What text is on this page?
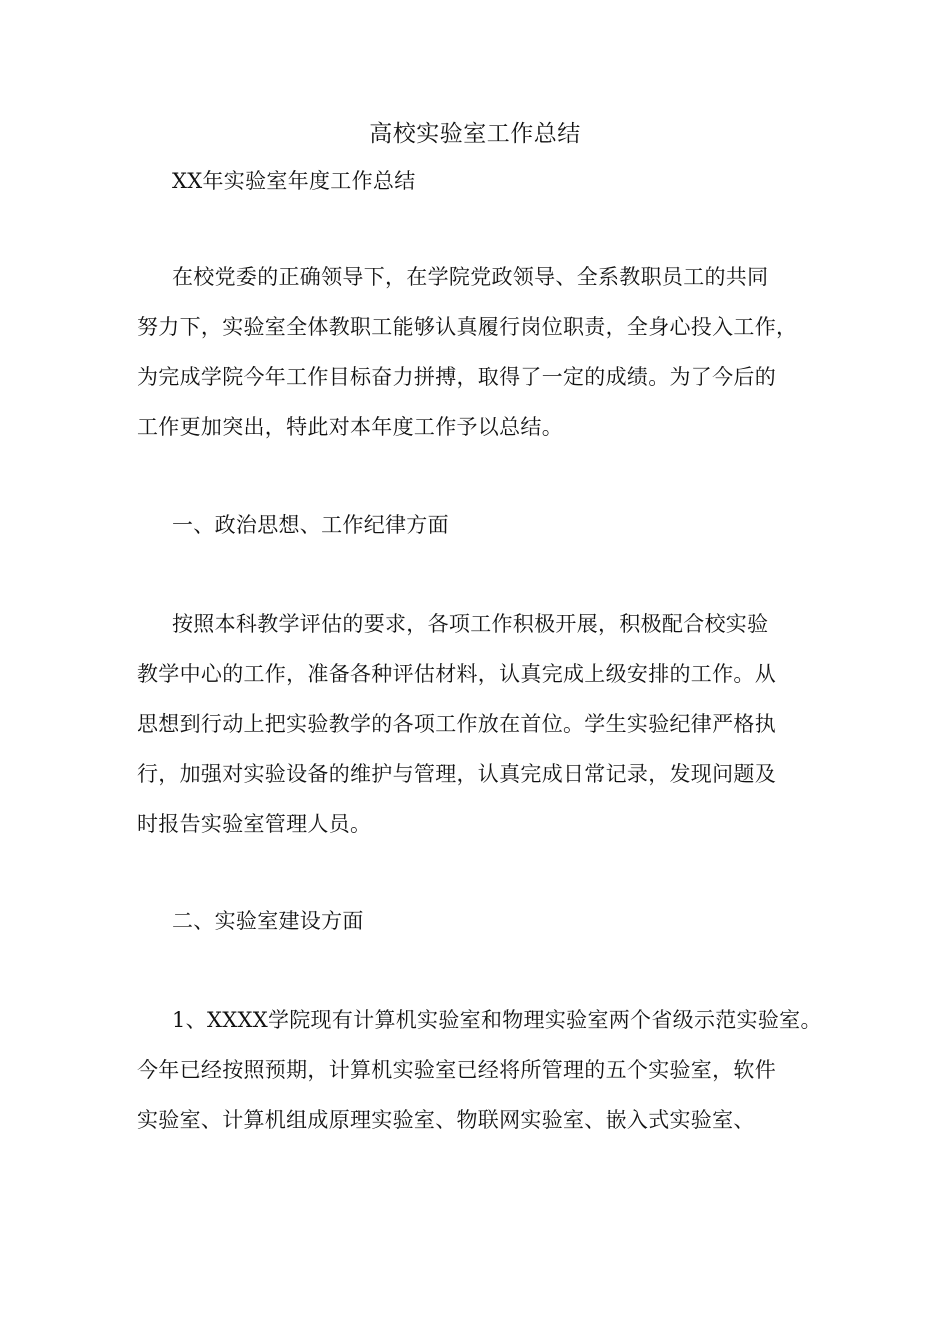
高校实验室工作总结
XX年实验室年度工作总结
在校党委的正确领导下，在学院党政领导、全系教职员工的共同
努力下，实验室全体教职工能够认真履行岗位职责，全身心投入工作，
为完成学院今年工作目标奋力拼搏，取得了一定的成绩。为了今后的
工作更加突出，特此对本年度工作予以总结。
一、政治思想、工作纪律方面
按照本科教学评估的要求，各项工作积极开展，积极配合校实验
教学中心的工作，准备各种评估材料，认真完成上级安排的工作。从
思想到行动上把实验教学的各项工作放在首位。学生实验纪律严格执
行，加强对实验设备的维护与管理，认真完成日常记录，发现问题及
时报告实验室管理人员。
二、实验室建设方面
1、XXXX学院现有计算机实验室和物理实验室两个省级示范实验室。
今年已经按照预期，计算机实验室已经将所管理的五个实验室，软件
实验室、计算机组成原理实验室、物联网实验室、嵌入式实验室、
